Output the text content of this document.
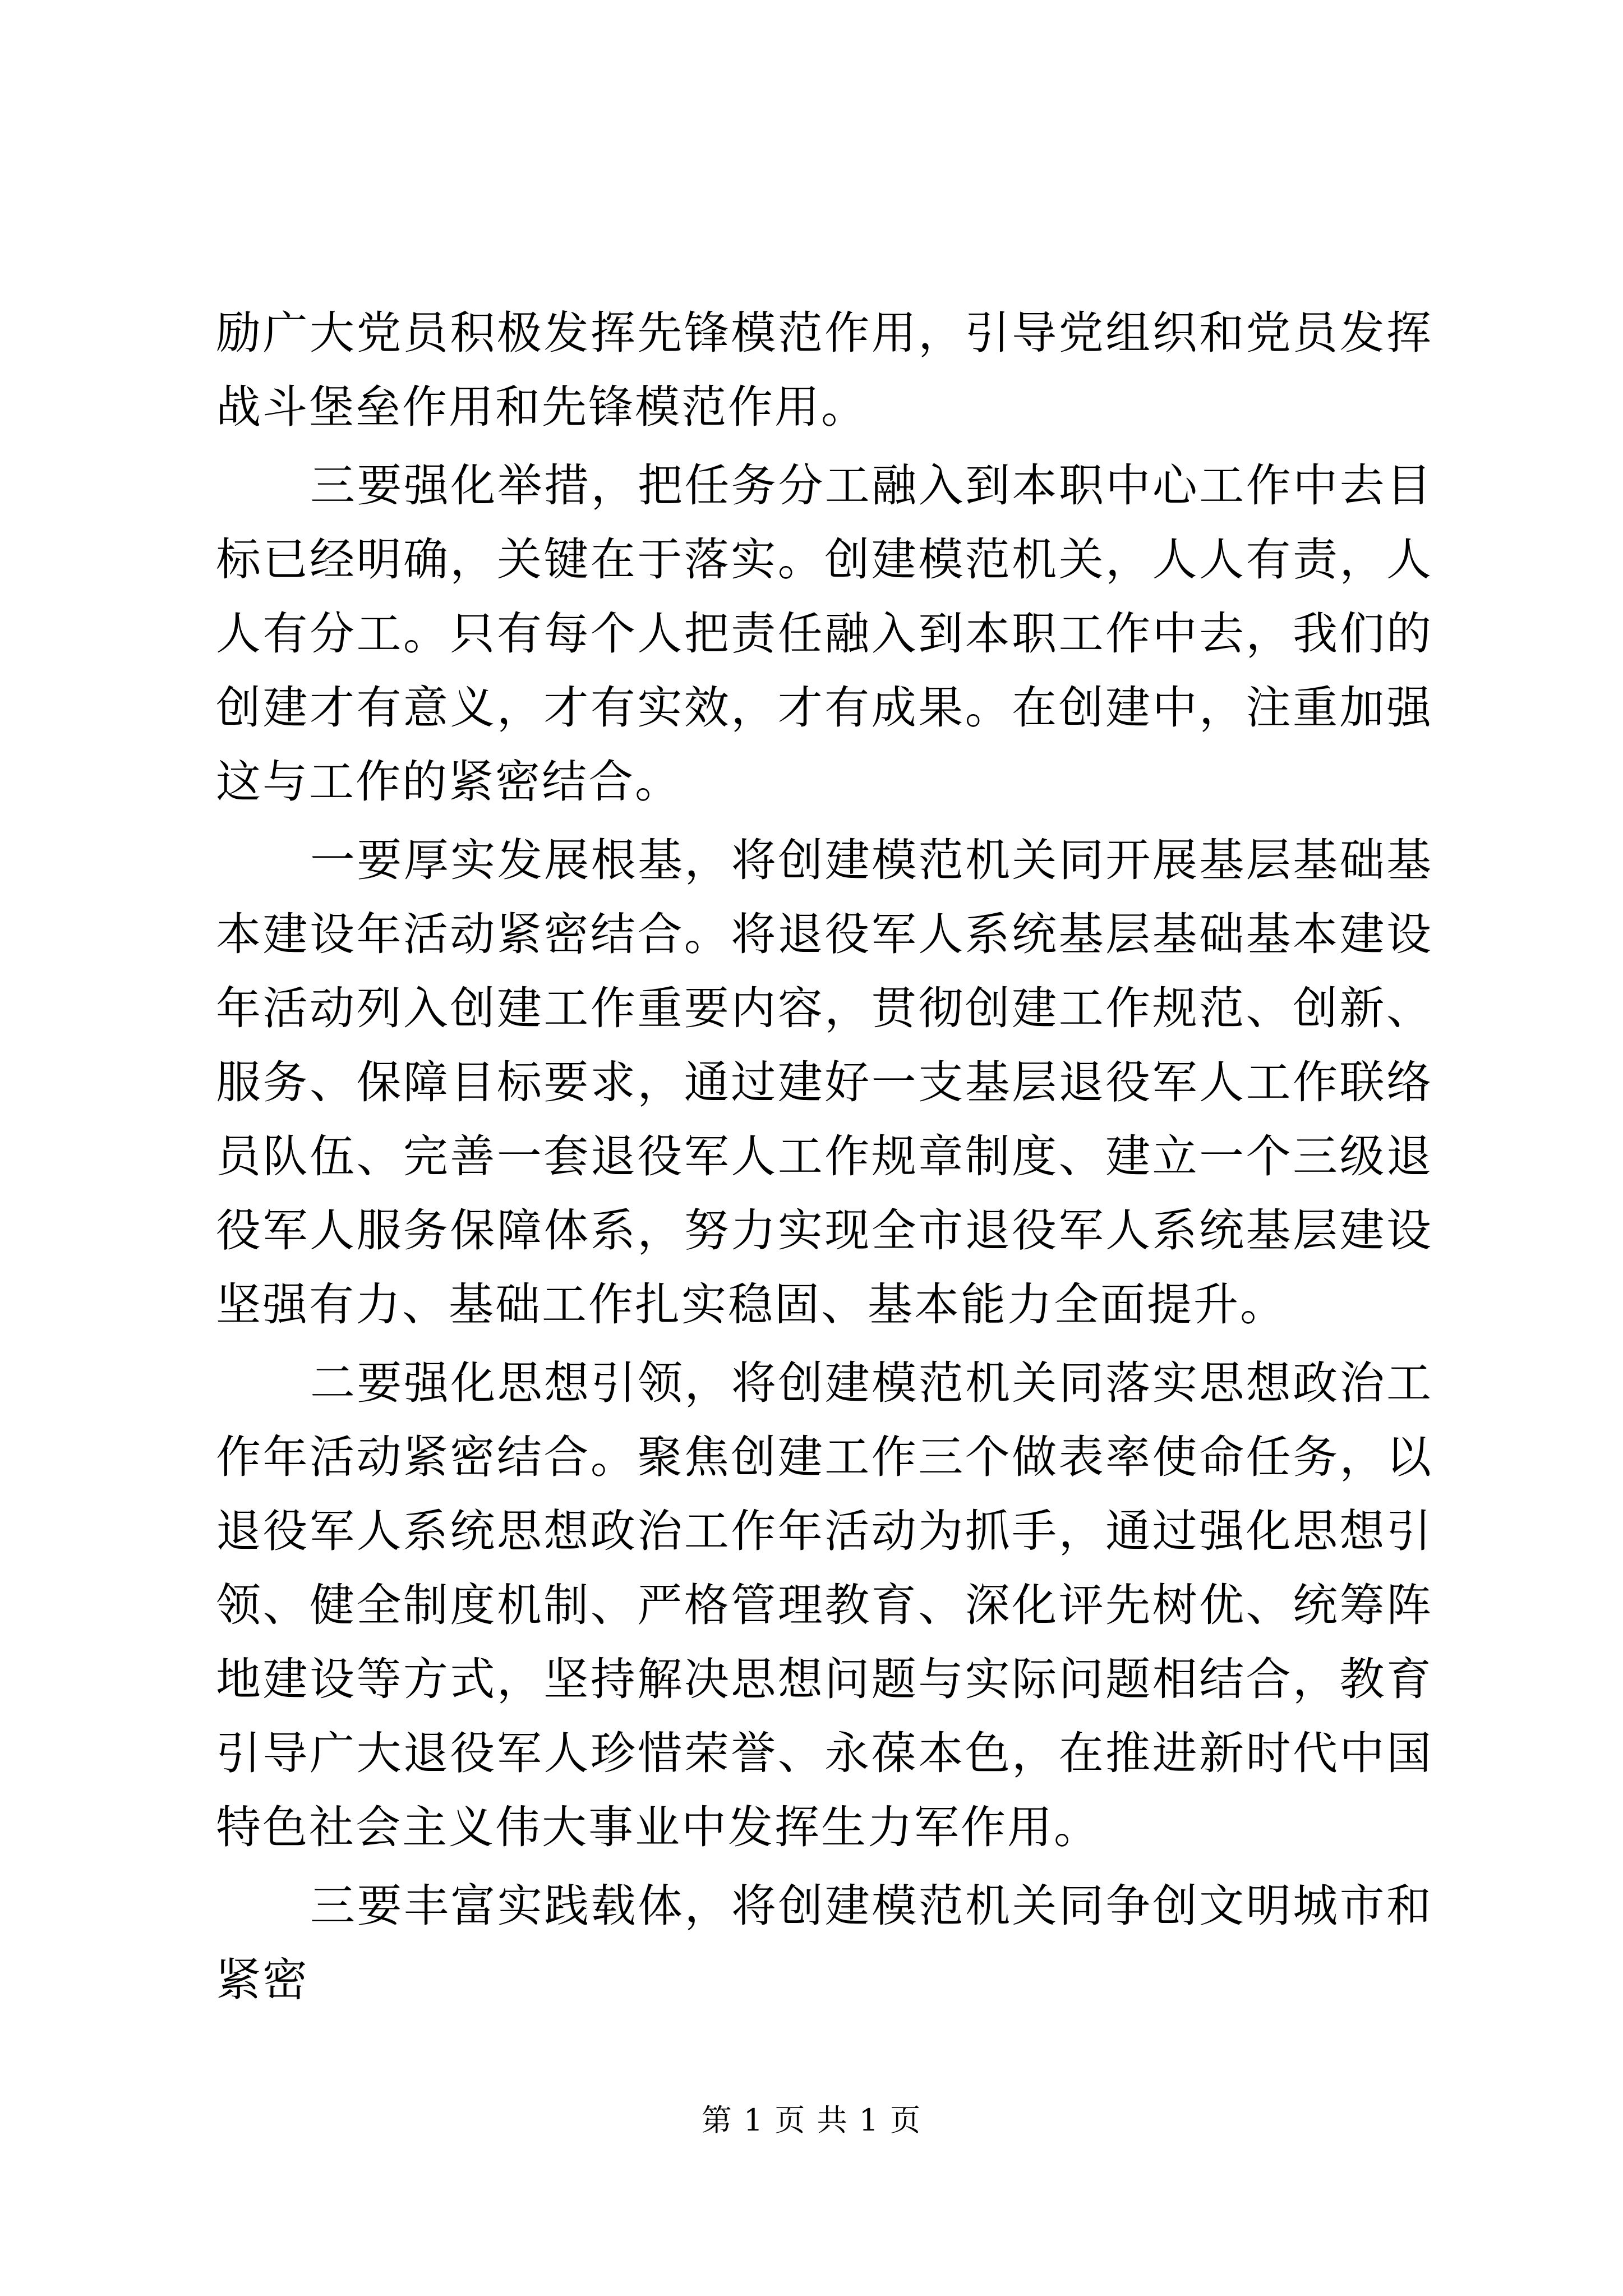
励广大党员积极发挥先锋模范作用，引导党组织和党员发挥战斗堡垒作用和先锋模范作用。

三要强化举措，把任务分工融入到本职中心工作中去目标已经明确，关键在于落实。创建模范机关，人人有责，人人有分工。只有每个人把责任融入到本职工作中去，我们的创建才有意义，才有实效，才有成果。在创建中，注重加强这与工作的紧密结合。

一要厚实发展根基，将创建模范机关同开展基层基础基本建设年活动紧密结合。将退役军人系统基层基础基本建设年活动列入创建工作重要内容，贯彻创建工作规范、创新、服务、保障目标要求，通过建好一支基层退役军人工作联络员队伍、完善一套退役军人工作规章制度、建立一个三级退役军人服务保障体系，努力实现全市退役军人系统基层建设坚强有力、基础工作扎实稳固、基本能力全面提升。

二要强化思想引领，将创建模范机关同落实思想政治工作年活动紧密结合。聚焦创建工作三个做表率使命任务，以退役军人系统思想政治工作年活动为抓手，通过强化思想引领、健全制度机制、严格管理教育、深化评先树优、统筹阵地建设等方式，坚持解决思想问题与实际问题相结合，教育引导广大退役军人珍惜荣誉、永葆本色，在推进新时代中国特色社会主义伟大事业中发挥生力军作用。

三要丰富实践载体，将创建模范机关同争创文明城市和紧密

第 1 页 共 1 页
